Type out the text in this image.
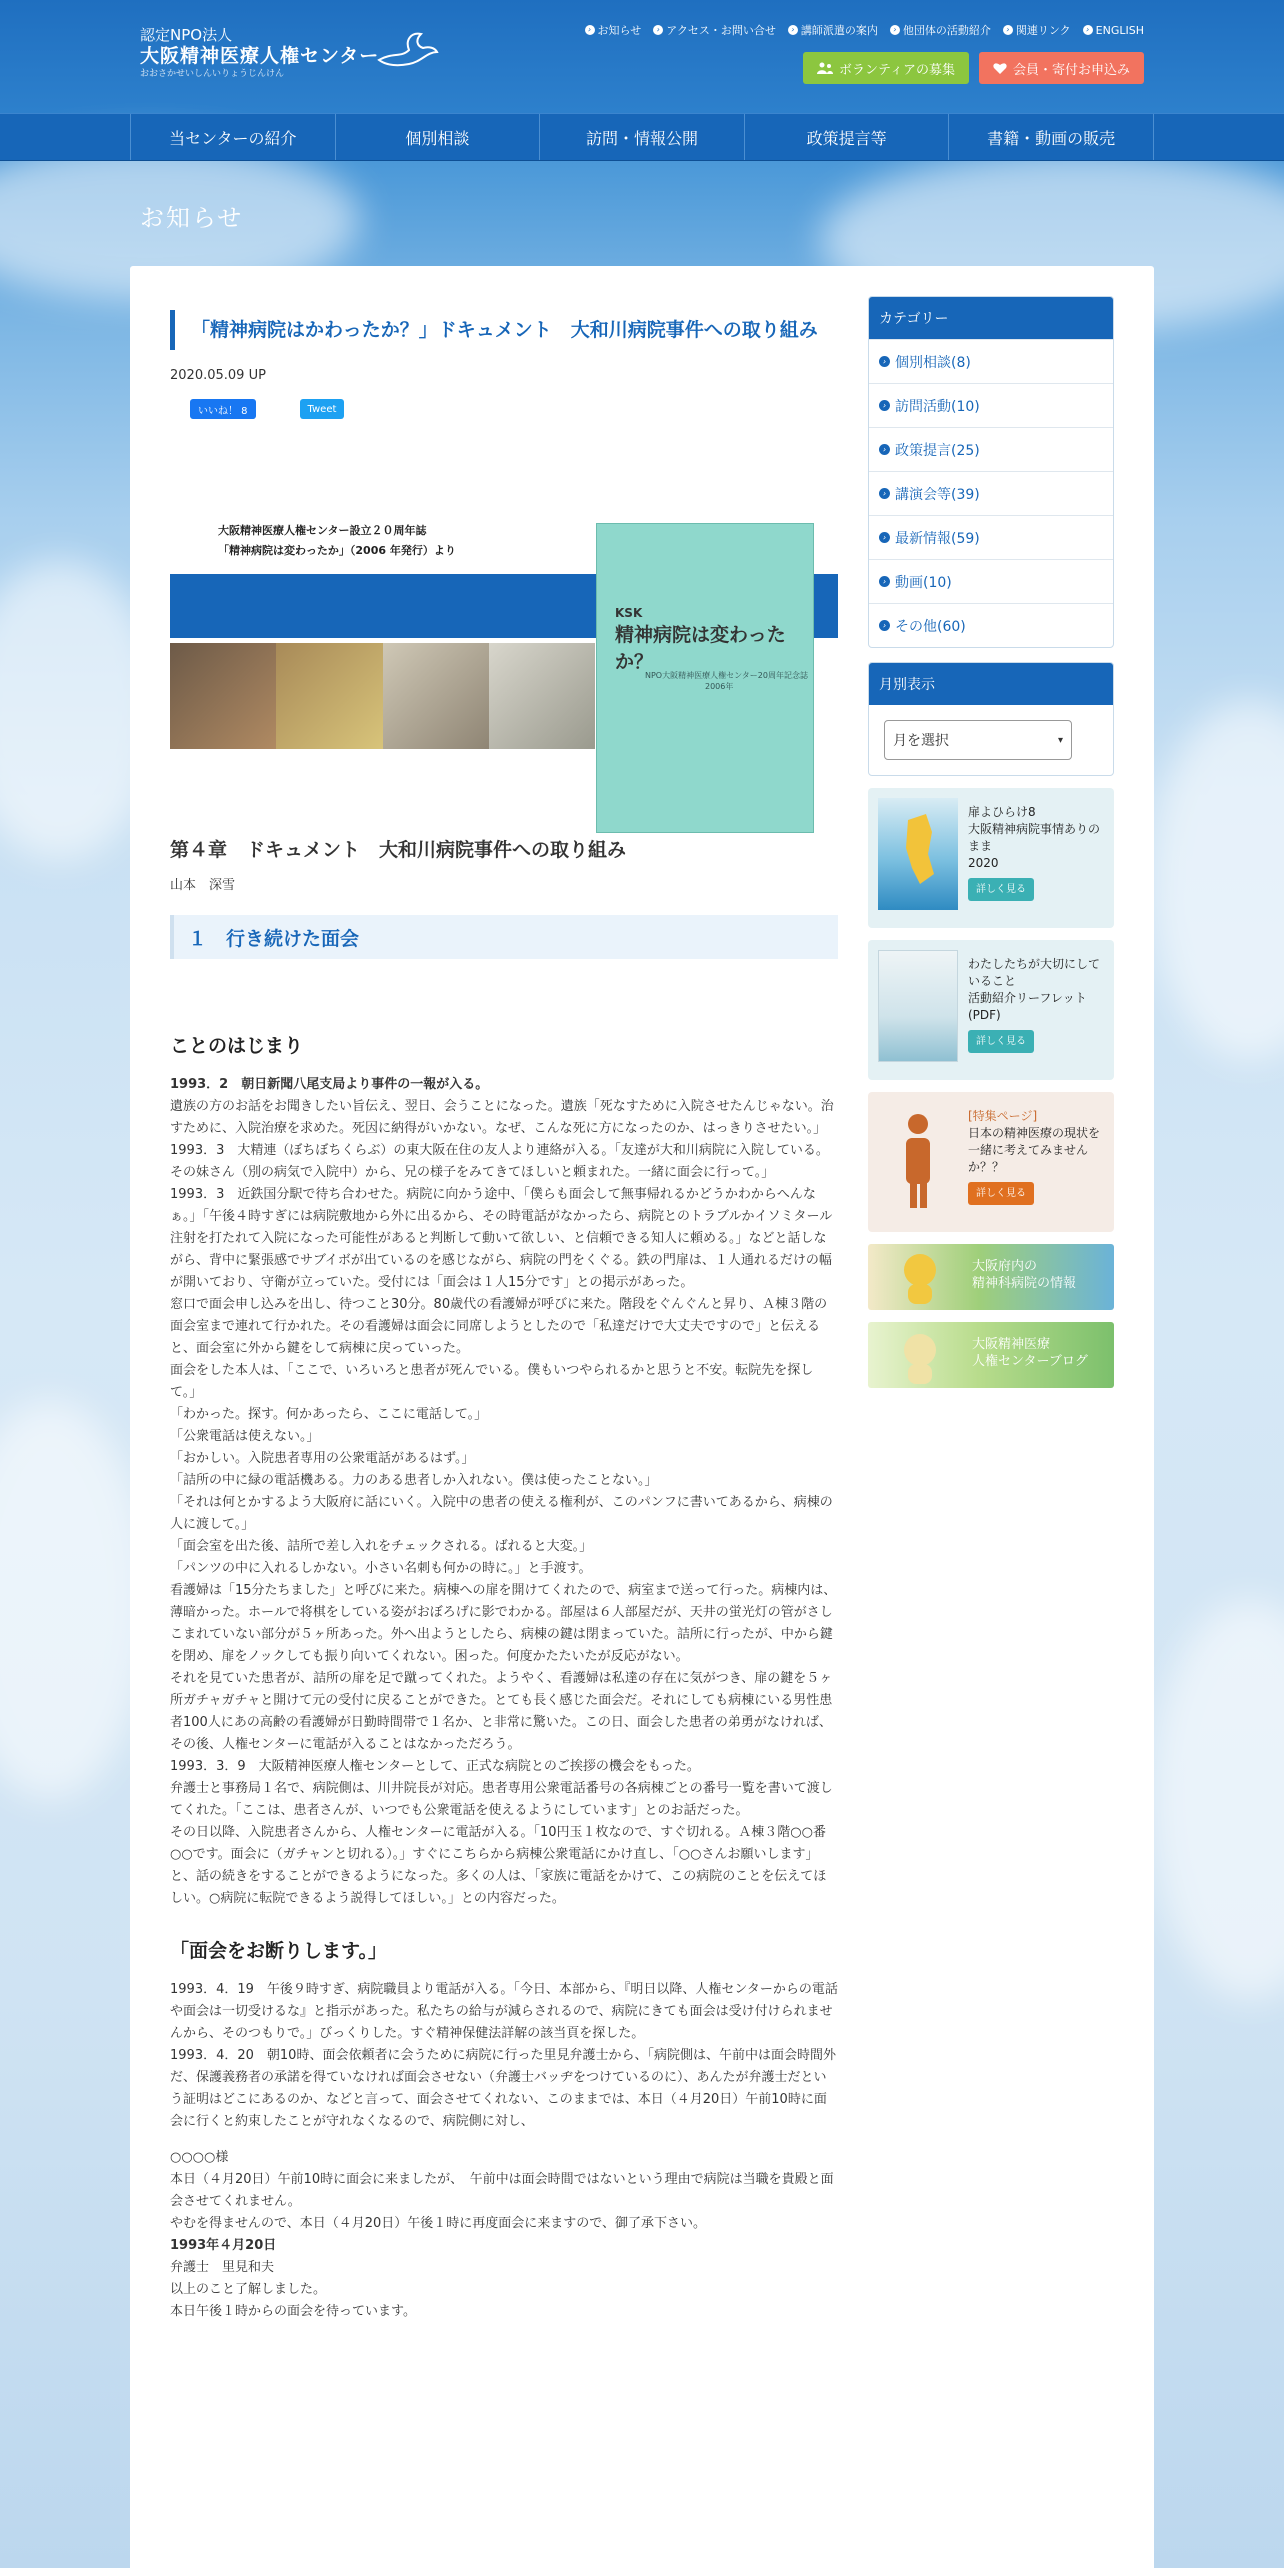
認定NPO法人
大阪精神医療人権センター
おおさかせいしんいりょうじんけん
› お知らせ	› アクセス・お問い合せ	› 講師派遣の案内	› 他団体の活動紹介	› 関連リンク	› ENGLISH
ボランティアの募集	会員・寄付お申込み
当センターの紹介	個別相談	訪問・情報公開	政策提言等	書籍・動画の販売
お知らせ
「精神病院はかわったか？」ドキュメント　大和川病院事件への取り組み
2020.05.09 UP
いいね！ 8	Tweet
大阪精神医療人権センター設立２０周年誌
「精神病院は変わったか」（2006 年発行）より
KSK
精神病院は変わったか？
NPO大阪精神医療人権センター20周年記念誌
2006年
第４章　ドキュメント　大和川病院事件への取り組み
山本　深雪
１　行き続けた面会
ことのはじまり

1993．2　朝日新聞八尾支局より事件の一報が入る。

遺族の方のお話をお聞きしたい旨伝え、翌日、会うことになった。遺族「死なすために入院させたんじゃない。治すために、入院治療を求めた。死因に納得がいかない。なぜ、こんな死に方になったのか、はっきりさせたい。」

1993．3　大精連（ぼちぼちくらぶ）の東大阪在住の友人より連絡が入る。「友達が大和川病院に入院している。その妹さん（別の病気で入院中）から、兄の様子をみてきてほしいと頼まれた。一緒に面会に行って。」

1993．3　近鉄国分駅で待ち合わせた。病院に向かう途中、「僕らも面会して無事帰れるかどうかわからへんなぁ。」「午後４時すぎには病院敷地から外に出るから、その時電話がなかったら、病院とのトラブルかイソミタール注射を打たれて入院になった可能性があると判断して動いて欲しい、と信頼できる知人に頼める。」などと話しながら、背中に緊張感でサブイボが出ているのを感じながら、病院の門をくぐる。鉄の門扉は、１人通れるだけの幅が開いており、守衛が立っていた。受付には「面会は１人15分です」との掲示があった。

窓口で面会申し込みを出し、待つこと30分。80歳代の看護婦が呼びに来た。階段をぐんぐんと昇り、Ａ棟３階の面会室まで連れて行かれた。その看護婦は面会に同席しようとしたので「私達だけで大丈夫ですので」と伝えると、面会室に外から鍵をして病棟に戻っていった。

面会をした本人は、「ここで、いろいろと患者が死んでいる。僕もいつやられるかと思うと不安。転院先を探して。」

「わかった。探す。何かあったら、ここに電話して。」

「公衆電話は使えない。」

「おかしい。入院患者専用の公衆電話があるはず。」

「詰所の中に緑の電話機ある。力のある患者しか入れない。僕は使ったことない。」

「それは何とかするよう大阪府に話にいく。入院中の患者の使える権利が、このパンフに書いてあるから、病棟の人に渡して。」

「面会室を出た後、詰所で差し入れをチェックされる。ばれると大変。」

「パンツの中に入れるしかない。小さい名刺も何かの時に。」と手渡す。

看護婦は「15分たちました」と呼びに来た。病棟への扉を開けてくれたので、病室まで送って行った。病棟内は、薄暗かった。ホールで将棋をしている姿がおぼろげに影でわかる。部屋は６人部屋だが、天井の蛍光灯の管がさしこまれていない部分が５ヶ所あった。外へ出ようとしたら、病棟の鍵は閉まっていた。詰所に行ったが、中から鍵を閉め、扉をノックしても振り向いてくれない。困った。何度かたたいたが反応がない。

それを見ていた患者が、詰所の扉を足で蹴ってくれた。ようやく、看護婦は私達の存在に気がつき、扉の鍵を５ヶ所ガチャガチャと開けて元の受付に戻ることができた。とても長く感じた面会だ。それにしても病棟にいる男性患者100人にあの高齢の看護婦が日勤時間帯で１名か、と非常に驚いた。この日、面会した患者の弟勇がなければ、その後、人権センターに電話が入ることはなかっただろう。

1993．3．9　大阪精神医療人権センターとして、正式な病院とのご挨拶の機会をもった。

弁護士と事務局１名で、病院側は、川井院長が対応。患者専用公衆電話番号の各病棟ごとの番号一覧を書いて渡してくれた。「ここは、患者さんが、いつでも公衆電話を使えるようにしています」とのお話だった。

その日以降、入院患者さんから、人権センターに電話が入る。｢10円玉１枚なので、すぐ切れる。Ａ棟３階○○番○○です。面会に（ガチャンと切れる）。」すぐにこちらから病棟公衆電話にかけ直し、「○○さんお願いします」と、話の続きをすることができるようになった。多くの人は、「家族に電話をかけて、この病院のことを伝えてほしい。○病院に転院できるよう説得してほしい。」との内容だった。

「面会をお断りします。」

1993．4．19　午後９時すぎ、病院職員より電話が入る。「今日、本部から、『明日以降、人権センターからの電話や面会は一切受けるな』と指示があった。私たちの給与が減らされるので、病院にきても面会は受け付けられませんから、そのつもりで。」びっくりした。すぐ精神保健法詳解の該当頁を探した。

1993．4．20　朝10時、面会依頼者に会うために病院に行った里見弁護士から、「病院側は、午前中は面会時間外だ、保護義務者の承諾を得ていなければ面会させない（弁護士バッヂをつけているのに）、あんたが弁護士だという証明はどこにあるのか、などと言って、面会させてくれない、このままでは、本日（４月20日）午前10時に面会に行くと約束したことが守れなくなるので、病院側に対し、

○○○○様

本日（４月20日）午前10時に面会に来ましたが、　午前中は面会時間ではないという理由で病院は当職を貴殿と面会させてくれません。

やむを得ませんので、本日（４月20日）午後１時に再度面会に来ますので、御了承下さい。

1993年４月20日

弁護士　里見和夫

以上のこと了解しました。

本日午後１時からの面会を待っています。

カテゴリー
› 個別相談(8)
› 訪問活動(10)
› 政策提言(25)
› 講演会等(39)
› 最新情報(59)
› 動画(10)
› その他(60)
月別表示
月を選択	▾
扉よひらけ8
大阪精神病院事情ありのまま
2020
詳しく見る
わたしたちが大切にしていること
活動紹介リーフレット
(PDF)
詳しく見る
[特集ページ]
日本の精神医療の現状を一緒に考えてみませんか？？
詳しく見る
大阪府内の
精神科病院の情報
大阪精神医療
人権センターブログ
